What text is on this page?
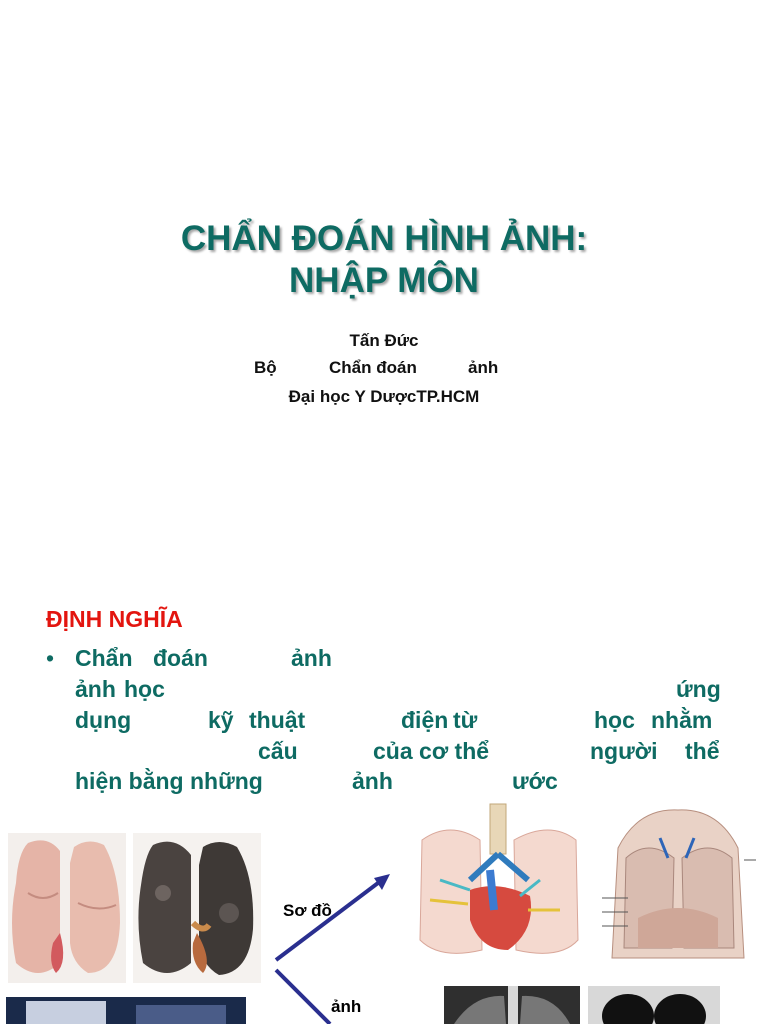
CHẨN ĐOÁN HÌNH ẢNH:
NHẬP MÔN
Tấn Đức
Bộ	Chẩn đoán	ảnh
Đại học Y DượcTP.HCM
ĐỊNH NGHĨA
• Chẩn đoán	ảnh
ảnh học	ứng
dụng	kỹ thuật	điện từ	học nhằm
cấu	của cơ thể	người thể
hiện bằng những	ảnh	ước
Sơ đồ
ảnh
